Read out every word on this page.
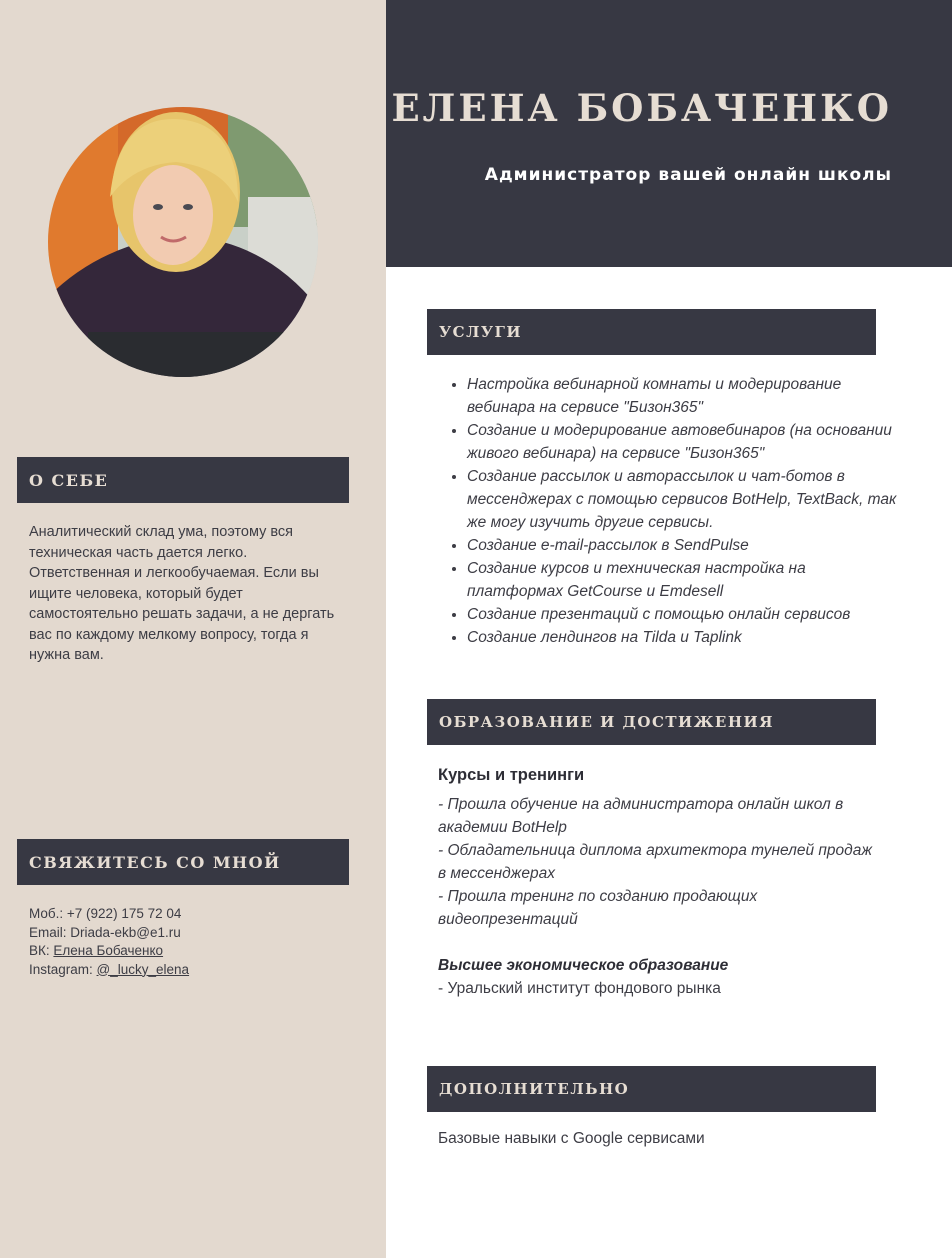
ЕЛЕНА БОБАЧЕНКО
Администратор вашей онлайн школы
О СЕБЕ
Аналитический склад ума, поэтому вся техническая часть дается легко. Ответственная и легкообучаемая. Если вы ищите человека, который будет самостоятельно решать задачи, а не дергать вас по каждому мелкому вопросу, тогда я нужна вам.
СВЯЖИТЕСЬ СО МНОЙ
Моб.: +7 (922) 175 72 04
Email: Driada-ekb@e1.ru
ВК: Елена Бобаченко
Instagram: @_lucky_elena
УСЛУГИ
• Настройка вебинарной комнаты и модерирование вебинара на сервисе "Бизон365"
• Создание и модерирование автовебинаров (на основании живого вебинара) на сервисе "Бизон365"
• Создание рассылок и авторассылок и чат-ботов в мессенджерах с помощью сервисов BotHelp, TextBack, так же могу изучить другие сервисы.
• Создание e-mail-рассылок в SendPulse
• Создание курсов и техническая настройка на платформах GetCourse и Emdesell
• Создание презентаций с помощью онлайн сервисов
• Создание лендингов на Tilda и Taplink
ОБРАЗОВАНИЕ И ДОСТИЖЕНИЯ
Курсы и тренинги
- Прошла обучение на администратора онлайн школ в академии BotHelp
- Обладательница диплома архитектора тунелей продаж в мессенджерах
- Прошла тренинг по созданию продающих видеопрезентаций
Высшее экономическое образование
- Уральский институт фондового рынка
ДОПОЛНИТЕЛЬНО
Базовые навыки с Google сервисами
